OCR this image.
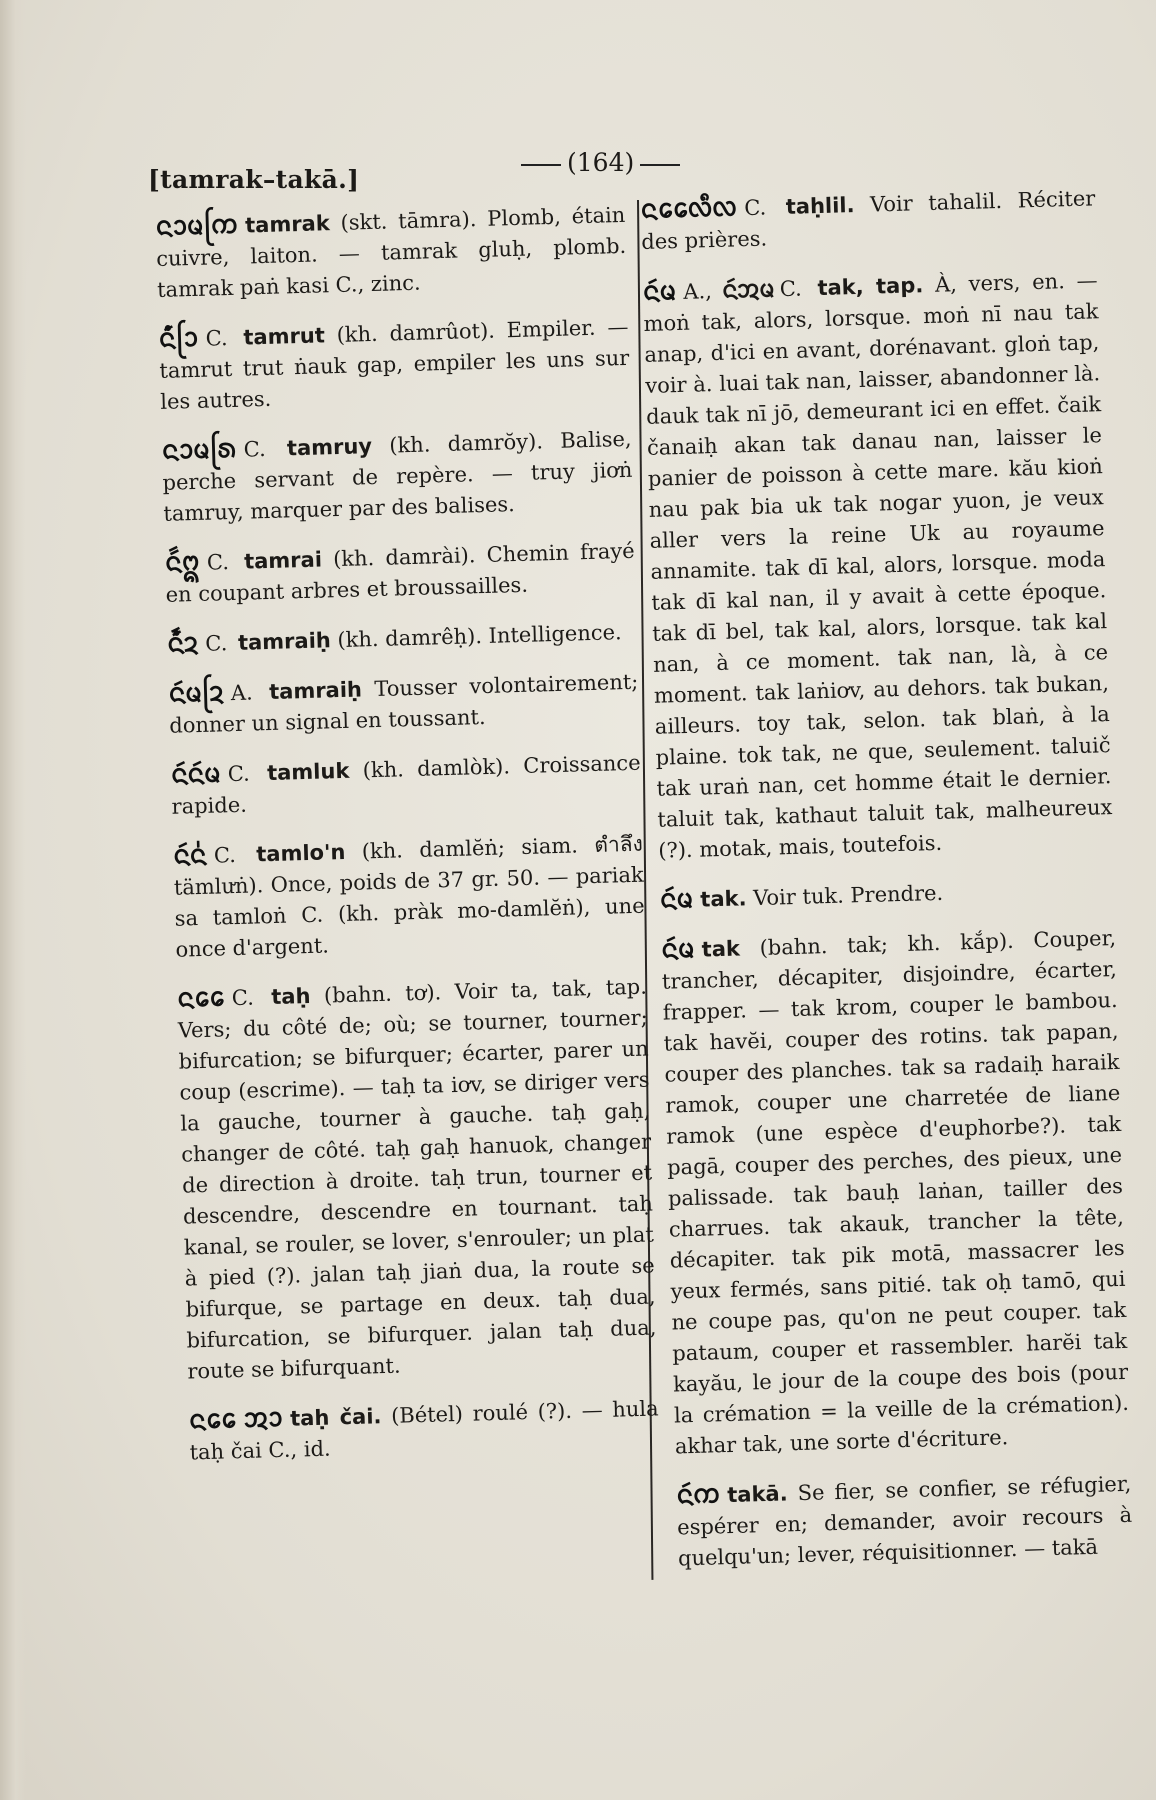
[tamrak–takā.]
(164)

ᨶᩣᨾᩕᨠ tamrak (skt. tāmra). Plomb, étain cuivre, laiton. — tamrak gluḥ, plomb. tamrak paṅ kasi C., zinc.

ᨶᩢᩴᩕᩣ C. tamrut (kh. damrûot). Empiler. — tamrut trut ṅauk gap, empiler les uns sur les autres.

ᨶᩣᨾᩕᩁ C. tamruy (kh. damrŏy). Balise, perche servant de repère. — truy jiơṅ tamruy, marquer par des balises.

ᨶᩢᩢᩍ C. tamrai (kh. damrài). Chemin frayé en coupant arbres et broussailles.

ᨶᩢᩢᩴᨯ C. tamraiḥ (kh. damrêḥ). Intelligence.

ᨶᩢᨾᩕᨯ A. tamraiḥ Tousser volontairement; donner un signal en toussant.

ᨶᩢᨶᩢᨾ C. tamluk (kh. damlòk). Croissance rapide.

ᨶᩢᨶ᩵ C. tamlo'n (kh. damlĕṅ; siam. ตำลึง tämlưṅ). Once, poids de 37 gr. 50. — pariak sa tamloṅ C. (kh. pràk mo-damlĕṅ), une once d'argent.

ᨶᩯ C. taḥ (bahn. tơ). Voir ta, tak, tap. Vers; du côté de; où; se tourner, tourner; bifurcation; se bifurquer; écarter, parer un coup (escrime). — taḥ ta iơv, se diriger vers la gauche, tourner à gauche. taḥ gaḥ, changer de côté. taḥ gaḥ hanuok, changer de direction à droite. taḥ trun, tourner et descendre, descendre en tournant. taḥ kanal, se rouler, se lover, s'enrouler; un plat à pied (?). jalan taḥ jiaṅ dua, la route se bifurque, se partage en deux. taḥ dua, bifurcation, se bifurquer. jalan taḥ dua, route se bifurquant.

ᨶᩯ ᩋᩣ taḥ čai. (Bétel) roulé (?). — hula taḥ čai C., id.

ᨶᩯᩃᩥᩃ C. taḥlil. Voir tahalil. Réciter des prières.

ᨶᩢᨾ A., ᨶᩢᩋᨾ C. tak, tap. À, vers, en. — moṅ tak, alors, lorsque. moṅ nī nau tak anap, d'ici en avant, dorénavant. gloṅ tap, voir à. luai tak nan, laisser, abandonner là. dauk tak nī jō, demeurant ici en effet. čaik čanaiḥ akan tak danau nan, laisser le panier de poisson à cette mare. kău kioṅ nau pak bia uk tak nogar yuon, je veux aller vers la reine Uk au royaume annamite. tak dī kal, alors, lorsque. moda tak dī kal nan, il y avait à cette époque. tak dī bel, tak kal, alors, lorsque. tak kal nan, à ce moment. tak nan, là, à ce moment. tak laṅiơv, au dehors. tak bukan, ailleurs. toy tak, selon. tak blaṅ, à la plaine. tok tak, ne que, seulement. taluič tak uraṅ nan, cet homme était le dernier. taluit tak, kathaut taluit tak, malheureux (?). motak, mais, toutefois.

ᨶᩢᨾ tak. Voir tuk. Prendre.

ᨶᩢᨾ tak (bahn. tak; kh. kắp). Couper, trancher, décapiter, disjoindre, écarter, frapper. — tak krom, couper le bambou. tak havĕi, couper des rotins. tak papan, couper des planches. tak sa radaiḥ haraik ramok, couper une charretée de liane ramok (une espèce d'euphorbe?). tak pagā, couper des perches, des pieux, une palissade. tak bauḥ laṅan, tailler des charrues. tak akauk, trancher la tête, décapiter. tak pik motā, massacrer les yeux fermés, sans pitié. tak oḥ tamō, qui ne coupe pas, qu'on ne peut couper. tak pataum, couper et rassembler. harĕi tak kayău, le jour de la coupe des bois (pour la crémation = la veille de la crémation). akhar tak, une sorte d'écriture.

ᨶᩢᨠ takā. Se fier, se confier, se réfugier, espérer en; demander, avoir recours à quelqu'un; lever, réquisitionner. — takā
